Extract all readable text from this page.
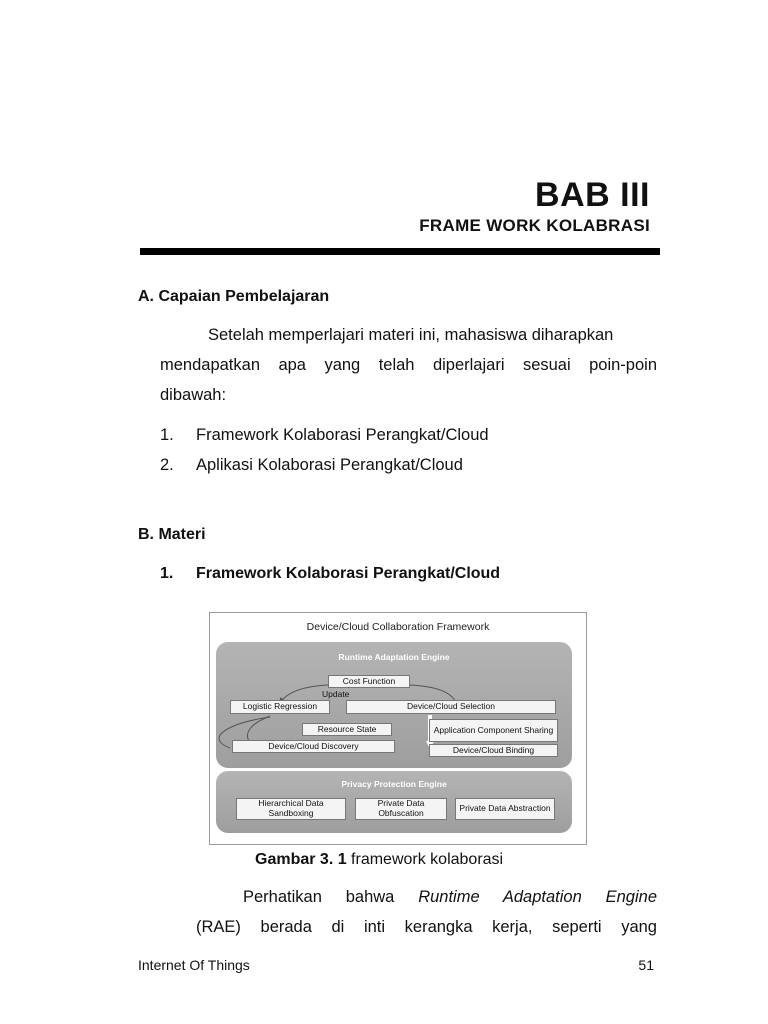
BAB III
FRAME WORK KOLABRASI
A. Capaian Pembelajaran
Setelah memperlajari materi ini, mahasiswa diharapkan
mendapatkan apa yang telah diperlajari sesuai poin-poin
dibawah:
1. Framework Kolaborasi Perangkat/Cloud
2. Aplikasi Kolaborasi Perangkat/Cloud
B. Materi
1. Framework Kolaborasi Perangkat/Cloud
Device/Cloud Collaboration Framework
Runtime Adaptation Engine
Cost Function
Update
Logistic Regression	Device/Cloud Selection
Resource State	Application Component Sharing
Device/Cloud Discovery	Device/Cloud Binding
Privacy Protection Engine
Hierarchical Data Sandboxing
Private Data Obfuscation	Private Data Abstraction
Gambar 3. 1 framework kolaborasi
Perhatikan bahwa Runtime Adaptation Engine
(RAE) berada di inti kerangka kerja, seperti yang
Internet Of Things	51
